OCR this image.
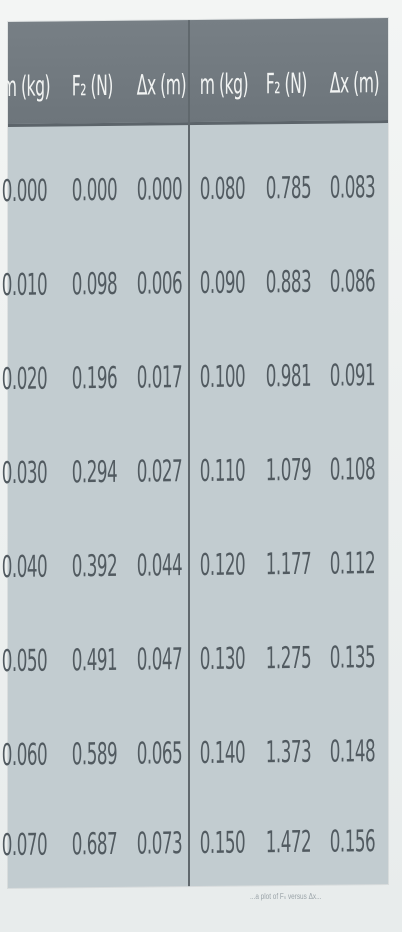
m (kg) F₂ (N) Δx (m) m (kg) F₂ (N) Δx (m)
0.000 0.000 0.000 0.080 0.785 0.083
0.010 0.098 0.006 0.090 0.883 0.086
0.020 0.196 0.017 0.100 0.981 0.091
0.030 0.294 0.027 0.110 1.079 0.108
0.040 0.392 0.044 0.120 1.177 0.112
0.050 0.491 0.047 0.130 1.275 0.135
0.060 0.589 0.065 0.140 1.373 0.148
0.070 0.687 0.073 0.150 1.472 0.156
...a plot of Fₛ versus Δx...
